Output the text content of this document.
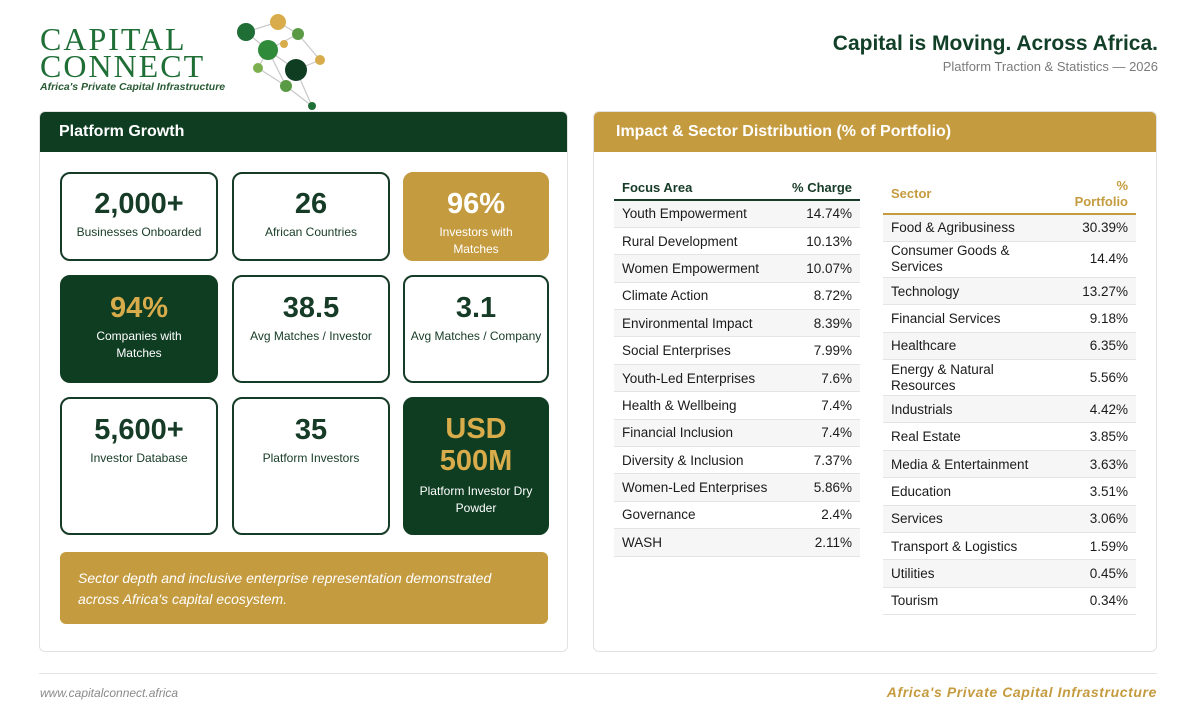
CAPITAL
CONNECT
Africa's Private Capital Infrastructure
Capital is Moving. Across Africa.
Platform Traction & Statistics — 2026
Platform Growth
2,000+
Businesses Onboarded
26
African Countries
96%
Investors with Matches
94%
Companies with Matches
38.5
Avg Matches / Investor
3.1
Avg Matches / Company
5,600+
Investor Database
35
Platform Investors
USD 500M
Platform Investor Dry Powder
Sector depth and inclusive enterprise representation demonstrated across Africa's capital ecosystem.
Impact & Sector Distribution (% of Portfolio)
Focus Area	% Charge
Youth Empowerment	14.74%
Rural Development	10.13%
Women Empowerment	10.07%
Climate Action	8.72%
Environmental Impact	8.39%
Social Enterprises	7.99%
Youth-Led Enterprises	7.6%
Health & Wellbeing	7.4%
Financial Inclusion	7.4%
Diversity & Inclusion	7.37%
Women-Led Enterprises	5.86%
Governance	2.4%
WASH	2.11%
Sector	% Portfolio
Food & Agribusiness	30.39%
Consumer Goods & Services	14.4%
Technology	13.27%
Financial Services	9.18%
Healthcare	6.35%
Energy & Natural Resources	5.56%
Industrials	4.42%
Real Estate	3.85%
Media & Entertainment	3.63%
Education	3.51%
Services	3.06%
Transport & Logistics	1.59%
Utilities	0.45%
Tourism	0.34%
www.capitalconnect.africa	Africa's Private Capital Infrastructure
